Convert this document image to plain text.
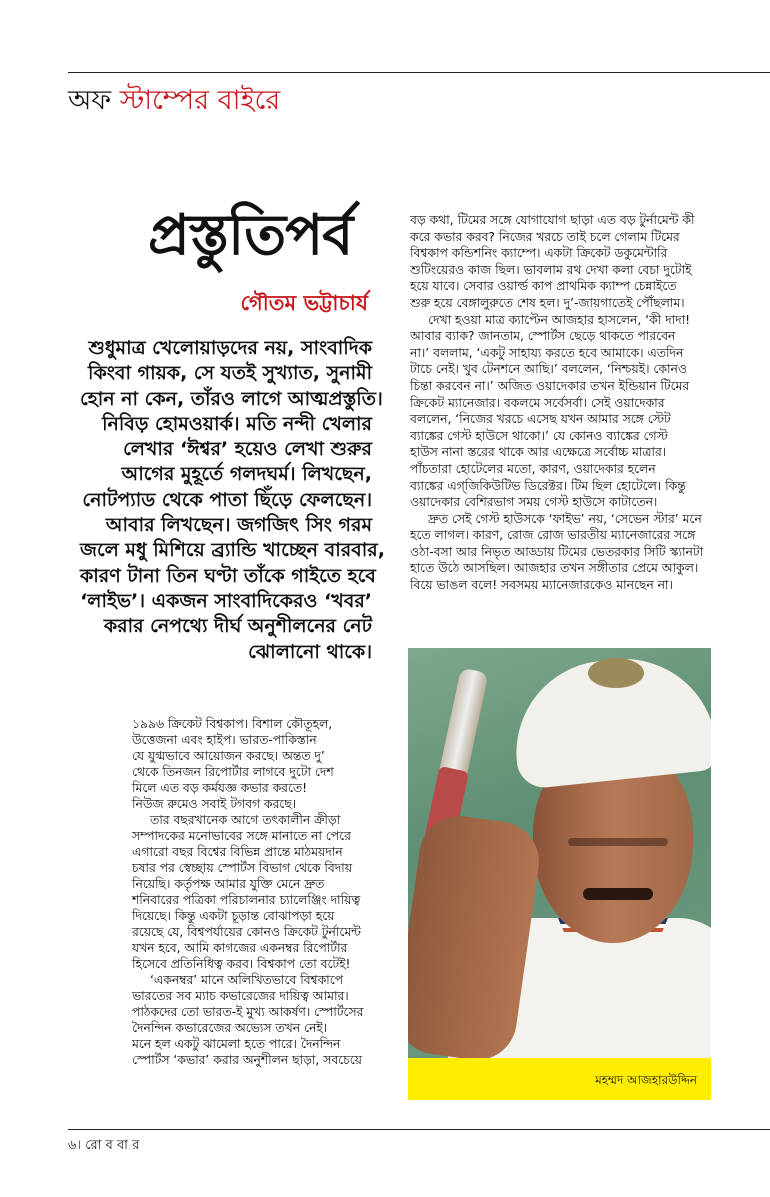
অফ স্টাম্পের বাইরে
প্রস্তুতিপর্ব
গৌতম ভট্টাচার্য
শুধুমাত্র খেলোয়াড়দের নয়, সাংবাদিক
কিংবা গায়ক, সে যতই সুখ্যাত, সুনামী
হোন না কেন, তাঁরও লাগে আত্মপ্রস্তুতি।
নিবিড় হোমওয়ার্ক। মতি নন্দী খেলার
লেখার ‘ঈশ্বর’ হয়েও লেখা শুরুর
আগের মুহূর্তে গলদঘর্ম। লিখছেন,
নোটপ্যাড থেকে পাতা ছিঁড়ে ফেলছেন।
আবার লিখছেন। জগজিৎ সিং গরম
জলে মধু মিশিয়ে ব্র্যান্ডি খাচ্ছেন বারবার,
কারণ টানা তিন ঘণ্টা তাঁকে গাইতে হবে
‘লাইভ’। একজন সাংবাদিকেরও ‘খবর’
করার নেপথ্যে দীর্ঘ অনুশীলনের নেট
ঝোলানো থাকে।
১৯৯৬ ক্রিকেট বিশ্বকাপ। বিশাল কৌতূহল,
উত্তেজনা এবং হাইপ। ভারত-পাকিস্তান
যে যুগ্মভাবে আয়োজন করছে। অন্তত দু’
থেকে তিনজন রিপোর্টার লাগবে দুটো দেশ
মিলে এত বড় কর্মযজ্ঞ কভার করতে!
নিউজ রুমেও সবাই টগবগ করছে।
তার বছরখানেক আগে তৎকালীন ক্রীড়া
সম্পাদকের মনোভাবের সঙ্গে মানাতে না পেরে
এগারো বছর বিশ্বের বিভিন্ন প্রান্তে মাঠময়দান
চষার পর স্বেচ্ছায় স্পোর্টস বিভাগ থেকে বিদায়
নিয়েছি। কর্তৃপক্ষ আমার যুক্তি মেনে দ্রুত
শনিবারের পত্রিকা পরিচালনার চ্যালেঞ্জিং দায়িত্ব
দিয়েছে। কিন্তু একটা চূড়ান্ত বোঝাপড়া হয়ে
রয়েছে যে, বিশ্বপর্যায়ের কোনও ক্রিকেট টুর্নামেন্ট
যখন হবে, আমি কাগজের একনম্বর রিপোর্টার
হিসেবে প্রতিনিধিত্ব করব। বিশ্বকাপ তো বটেই!
‘একনম্বর’ মানে অলিখিতভাবে বিশ্বকাপে
ভারতের সব ম্যাচ কভারেজের দায়িত্ব আমার।
পাঠকদের তো ভারত-ই মুখ্য আকর্ষণ। স্পোর্টসের
দৈনন্দিন কভারেজের অভ্যেস তখন নেই।
মনে হল একটু ঝামেলা হতে পারে। দৈনন্দিন
স্পোর্টস ‘কভার’ করার অনুশীলন ছাড়া, সবচেয়ে
বড় কথা, টিমের সঙ্গে যোগাযোগ ছাড়া এত বড় টুর্নামেন্ট কী
করে কভার করব? নিজের খরচে তাই চলে গেলাম টিমের
বিশ্বকাপ কন্ডিশনিং ক্যাম্পে। একটা ক্রিকেট ডকুমেন্টারি
শুটিংয়েরও কাজ ছিল। ভাবলাম রথ দেখা কলা বেচা দুটোই
হয়ে যাবে। সেবার ওয়ার্ল্ড কাপ প্রাথমিক ক্যাম্প চেন্নাইতে
শুরু হয়ে বেঙ্গালুরুতে শেষ হল। দু’-জায়গাতেই পৌঁছলাম।
দেখা হওয়া মাত্র ক্যাপ্টেন আজহার হাসলেন, ‘কী দাদা!
আবার ব্যাক? জানতাম, স্পোর্টস ছেড়ে থাকতে পারবেন
না।’ বললাম, ‘একটু সাহায্য করতে হবে আমাকে। এতদিন
টাচে নেই। খুব টেনশনে আছি।’ বললেন, ‘নিশ্চয়ই। কোনও
চিন্তা করবেন না।’ অজিত ওয়াদেকার তখন ইন্ডিয়ান টিমের
ক্রিকেট ম্যানেজার। বকলমে সর্বেসর্বা। সেই ওয়াদেকার
বললেন, ‘নিজের খরচে এসেছ যখন আমার সঙ্গে স্টেট
ব্যাঙ্কের গেস্ট হাউসে থাকো।’ যে কোনও ব্যাঙ্কের গেস্ট
হাউস নানা স্তরের থাকে আর এক্ষেত্রে সর্বোচ্চ মাত্রার।
পাঁচতারা হোটেলের মতো, কারণ, ওয়াদেকার হলেন
ব্যাঙ্কের এগ্‌জিকিউটিভ ডিরেক্টর। টিম ছিল হোটেলে। কিন্তু
ওয়াদেকার বেশিরভাগ সময় গেস্ট হাউসে কাটাতেন।
দ্রুত সেই গেস্ট হাউসকে ‘ফাইভ’ নয়, ‘সেভেন স্টার’ মনে
হতে লাগল। কারণ, রোজ রোজ ভারতীয় ম্যানেজারের সঙ্গে
ওঠা-বসা আর নিভৃত আড্ডায় টিমের ভেতরকার সিটি স্ক্যানটা
হাতে উঠে আসছিল। আজহার তখন সঙ্গীতার প্রেমে আকুল।
বিয়ে ভাঙল বলে! সবসময় ম্যানেজারকেও মানছেন না।
মহম্মদ আজহারউদ্দিন
৬। রো ব বা র
